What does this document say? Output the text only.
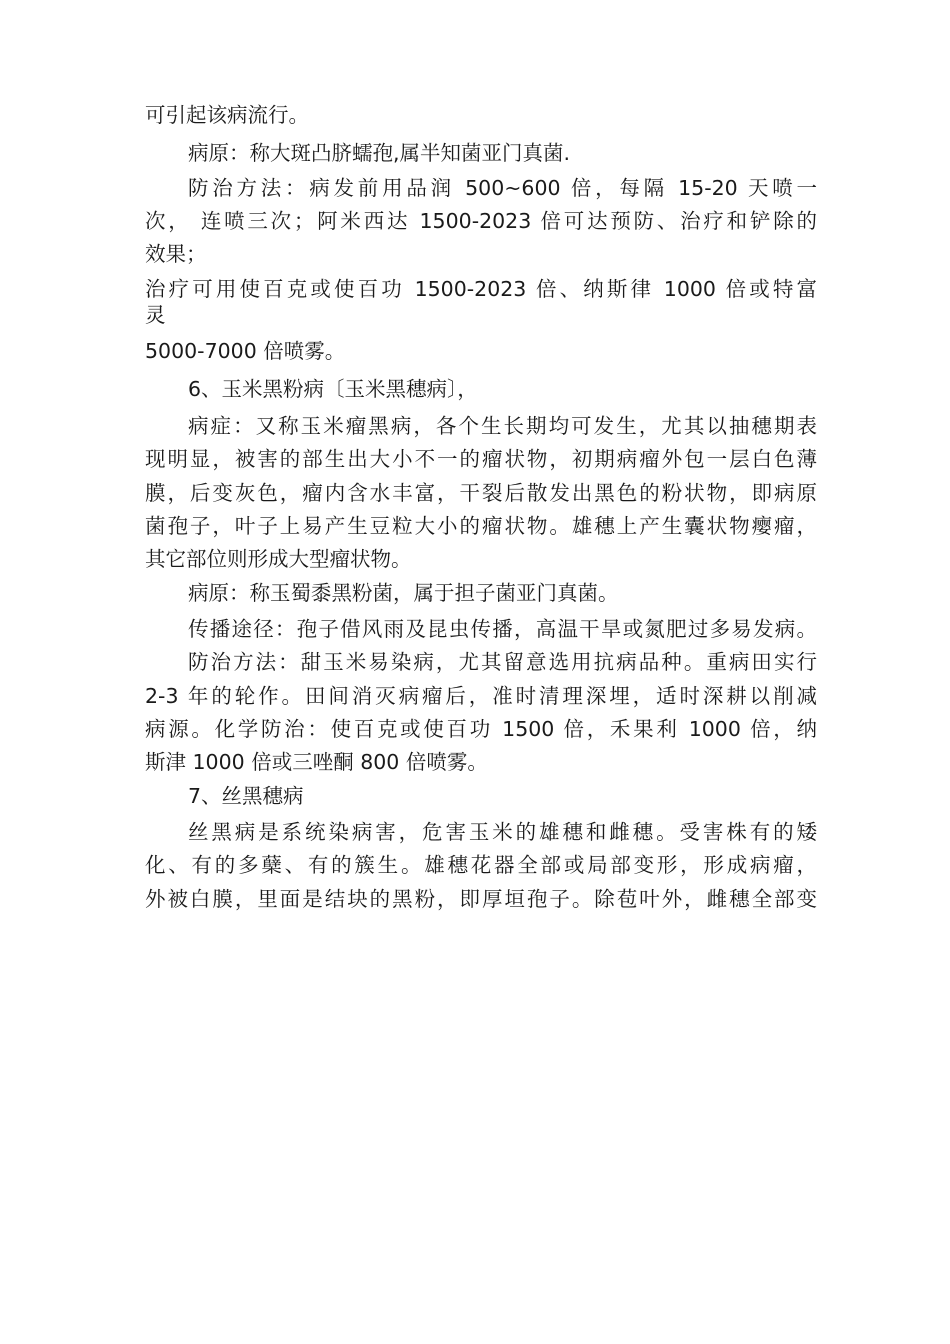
可引起该病流行。
病原：称大斑凸脐蠕孢,属半知菌亚门真菌.
防治方法：病发前用品润 500~600 倍，每隔 15-20 天喷一
次， 连喷三次；阿米西达 1500-2023 倍可达预防、治疗和铲除的
效果；
治疗可用使百克或使百功 1500-2023 倍、纳斯律 1000 倍或特富
灵
5000-7000 倍喷雾。
6、玉米黑粉病〔玉米黑穗病〕，
病症：又称玉米瘤黑病，各个生长期均可发生，尤其以抽穗期表
现明显，被害的部生出大小不一的瘤状物，初期病瘤外包一层白色薄
膜，后变灰色，瘤内含水丰富，干裂后散发出黑色的粉状物，即病原
菌孢子，叶子上易产生豆粒大小的瘤状物。雄穗上产生囊状物瘿瘤，
其它部位则形成大型瘤状物。
病原：称玉蜀黍黑粉菌，属于担子菌亚门真菌。
传播途径：孢子借风雨及昆虫传播，高温干旱或氮肥过多易发病。
防治方法：甜玉米易染病，尤其留意选用抗病品种。重病田实行
2-3 年的轮作。田间消灭病瘤后，准时清理深埋，适时深耕以削减
病源。化学防治：使百克或使百功 1500 倍，禾果利 1000 倍，纳
斯津 1000 倍或三唑酮 800 倍喷雾。
7、丝黑穗病
丝黑病是系统染病害，危害玉米的雄穗和雌穗。受害株有的矮
化、有的多蘖、有的簇生。雄穗花器全部或局部变形，形成病瘤，
外被白膜，里面是结块的黑粉，即厚垣孢子。除苞叶外，雌穗全部变
